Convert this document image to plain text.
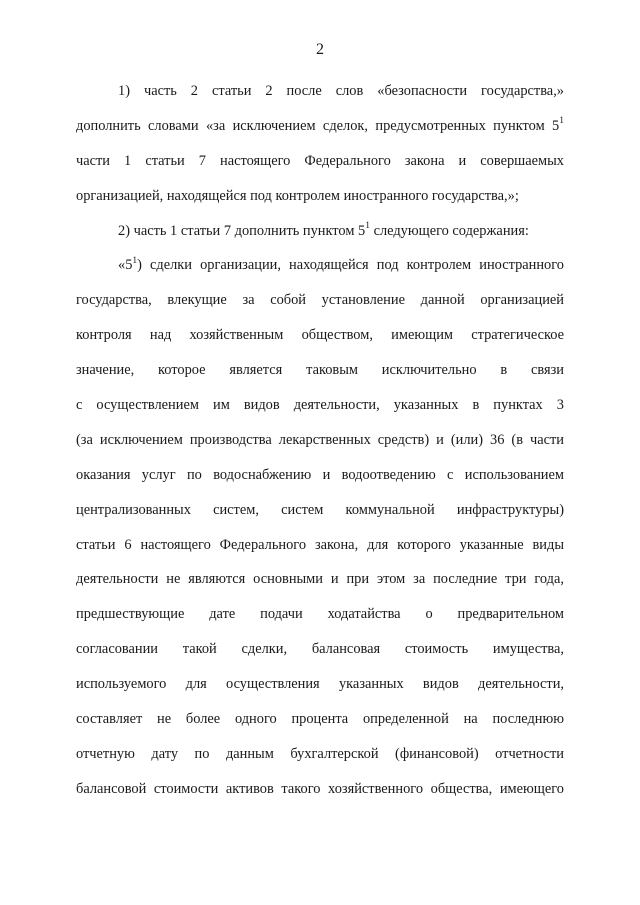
2
1) часть 2 статьи 2 после слов «безопасности государства,»
дополнить словами «за исключением сделок, предусмотренных пунктом $5^1$
части 1 статьи 7 настоящего Федерального закона и совершаемых
организацией, находящейся под контролем иностранного государства,»;
2) часть 1 статьи 7 дополнить пунктом $5^1$ следующего содержания:
«$5^1$) сделки организации, находящейся под контролем иностранного
государства, влекущие за собой установление данной организацией
контроля над хозяйственным обществом, имеющим стратегическое
значение, которое является таковым исключительно в связи
с осуществлением им видов деятельности, указанных в пунктах 3
(за исключением производства лекарственных средств) и (или) 36 (в части
оказания услуг по водоснабжению и водоотведению с использованием
централизованных систем, систем коммунальной инфраструктуры)
статьи 6 настоящего Федерального закона, для которого указанные виды
деятельности не являются основными и при этом за последние три года,
предшествующие дате подачи ходатайства о предварительном
согласовании такой сделки, балансовая стоимость имущества,
используемого для осуществления указанных видов деятельности,
составляет не более одного процента определенной на последнюю
отчетную дату по данным бухгалтерской (финансовой) отчетности
балансовой стоимости активов такого хозяйственного общества, имеющего
